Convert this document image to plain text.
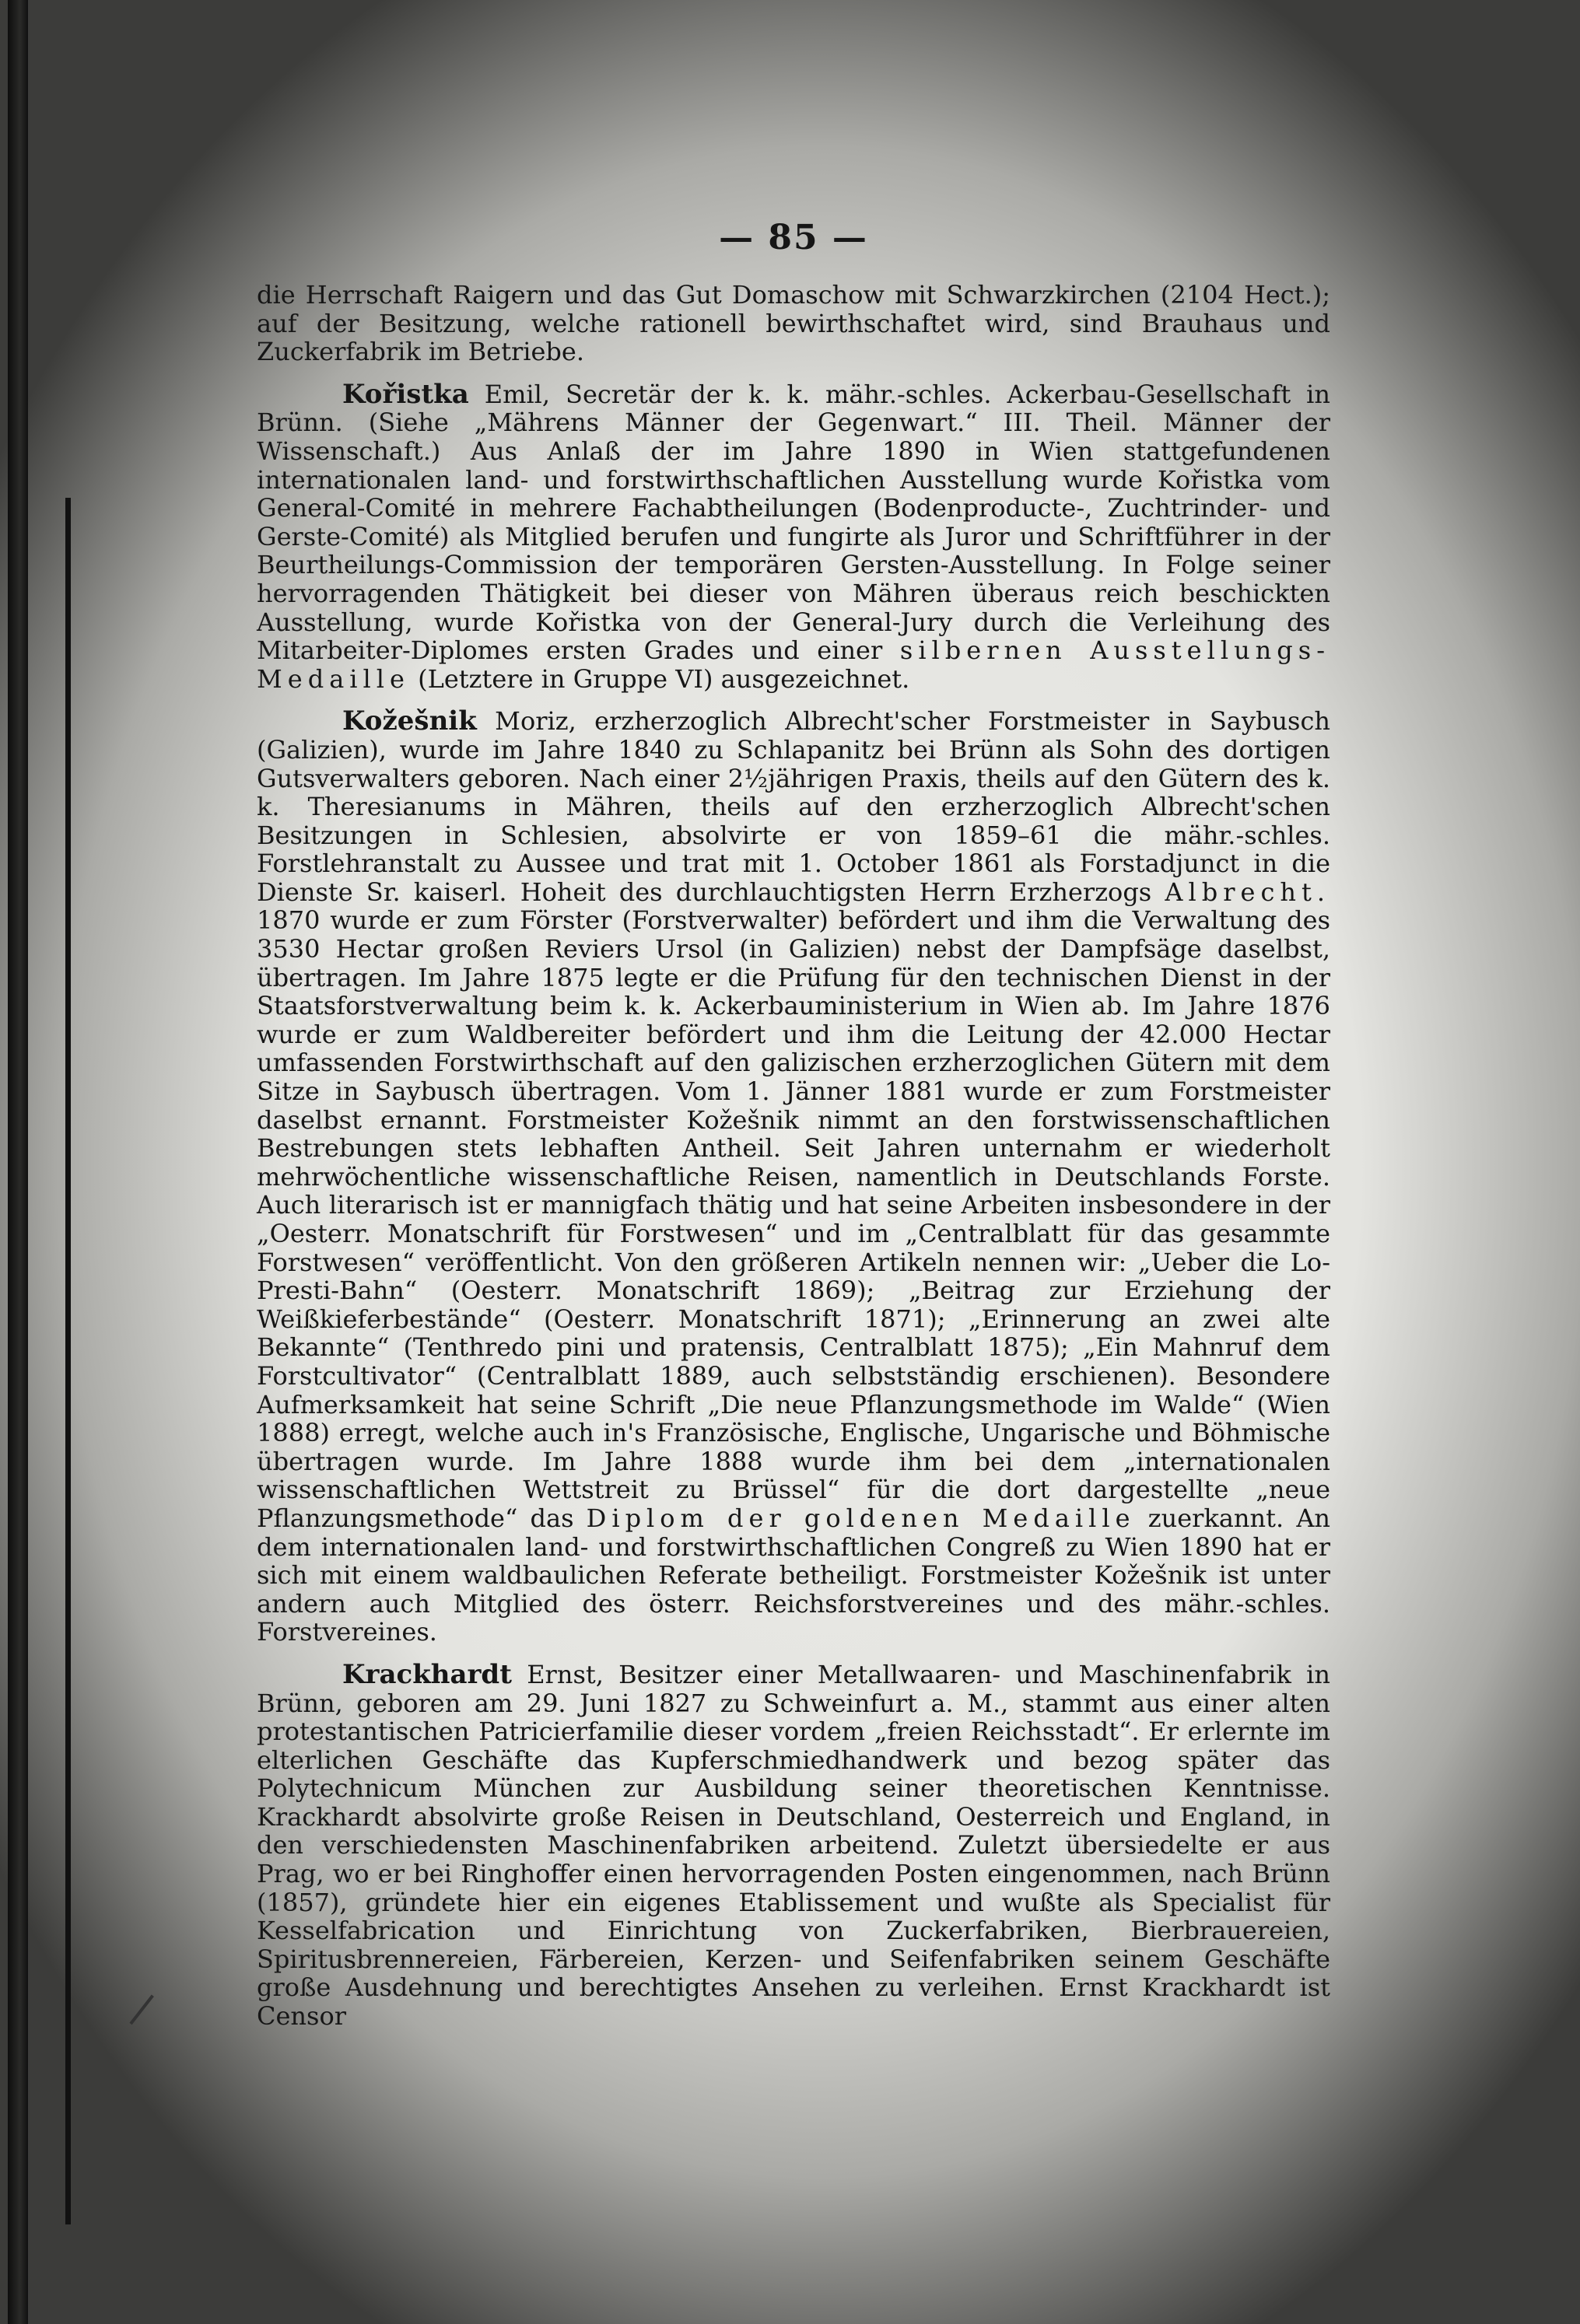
— 85 —

die Herrschaft Raigern und das Gut Domaschow mit Schwarzkirchen (2104 Hect.); auf der Besitzung, welche rationell bewirthschaftet wird, sind Brauhaus und Zuckerfabrik im Betriebe.

Kořistka Emil, Secretär der k. k. mähr.-schles. Ackerbau-Gesellschaft in Brünn. (Siehe „Mährens Männer der Gegenwart.“ III. Theil. Männer der Wissenschaft.) Aus Anlaß der im Jahre 1890 in Wien stattgefundenen internationalen land- und forstwirthschaftlichen Ausstellung wurde Kořistka vom General-Comité in mehrere Fachabtheilungen (Bodenproducte-, Zuchtrinder- und Gerste-Comité) als Mitglied berufen und fungirte als Juror und Schriftführer in der Beurtheilungs-Commission der temporären Gersten-Ausstellung. In Folge seiner hervorragenden Thätigkeit bei dieser von Mähren überaus reich beschickten Ausstellung, wurde Kořistka von der General-Jury durch die Verleihung des Mitarbeiter-Diplomes ersten Grades und einer silbernen Ausstellungs-Medaille (Letztere in Gruppe VI) ausgezeichnet.

Kožešnik Moriz, erzherzoglich Albrecht'scher Forstmeister in Saybusch (Galizien), wurde im Jahre 1840 zu Schlapanitz bei Brünn als Sohn des dortigen Gutsverwalters geboren. Nach einer 2½jährigen Praxis, theils auf den Gütern des k. k. Theresianums in Mähren, theils auf den erzherzoglich Albrecht'schen Besitzungen in Schlesien, absolvirte er von 1859–61 die mähr.-schles. Forstlehranstalt zu Aussee und trat mit 1. October 1861 als Forstadjunct in die Dienste Sr. kaiserl. Hoheit des durchlauchtigsten Herrn Erzherzogs Albrecht. 1870 wurde er zum Förster (Forstverwalter) befördert und ihm die Verwaltung des 3530 Hectar großen Reviers Ursol (in Galizien) nebst der Dampfsäge daselbst, übertragen. Im Jahre 1875 legte er die Prüfung für den technischen Dienst in der Staatsforstverwaltung beim k. k. Ackerbauministerium in Wien ab. Im Jahre 1876 wurde er zum Waldbereiter befördert und ihm die Leitung der 42.000 Hectar umfassenden Forstwirthschaft auf den galizischen erzherzoglichen Gütern mit dem Sitze in Saybusch übertragen. Vom 1. Jänner 1881 wurde er zum Forstmeister daselbst ernannt. Forstmeister Kožešnik nimmt an den forstwissenschaftlichen Bestrebungen stets lebhaften Antheil. Seit Jahren unternahm er wiederholt mehrwöchentliche wissenschaftliche Reisen, namentlich in Deutschlands Forste. Auch literarisch ist er mannigfach thätig und hat seine Arbeiten insbesondere in der „Oesterr. Monatschrift für Forstwesen“ und im „Centralblatt für das gesammte Forstwesen“ veröffentlicht. Von den größeren Artikeln nennen wir: „Ueber die Lo-Presti-Bahn“ (Oesterr. Monatschrift 1869); „Beitrag zur Erziehung der Weißkieferbestände“ (Oesterr. Monatschrift 1871); „Erinnerung an zwei alte Bekannte“ (Tenthredo pini und pratensis, Centralblatt 1875); „Ein Mahnruf dem Forstcultivator“ (Centralblatt 1889, auch selbstständig erschienen). Besondere Aufmerksamkeit hat seine Schrift „Die neue Pflanzungsmethode im Walde“ (Wien 1888) erregt, welche auch in's Französische, Englische, Ungarische und Böhmische übertragen wurde. Im Jahre 1888 wurde ihm bei dem „internationalen wissenschaftlichen Wettstreit zu Brüssel“ für die dort dargestellte „neue Pflanzungsmethode“ das Diplom der goldenen Medaille zuerkannt. An dem internationalen land- und forstwirthschaftlichen Congreß zu Wien 1890 hat er sich mit einem waldbaulichen Referate betheiligt. Forstmeister Kožešnik ist unter andern auch Mitglied des österr. Reichsforstvereines und des mähr.-schles. Forstvereines.

Krackhardt Ernst, Besitzer einer Metallwaaren- und Maschinenfabrik in Brünn, geboren am 29. Juni 1827 zu Schweinfurt a. M., stammt aus einer alten protestantischen Patricierfamilie dieser vordem „freien Reichsstadt“. Er erlernte im elterlichen Geschäfte das Kupferschmiedhandwerk und bezog später das Polytechnicum München zur Ausbildung seiner theoretischen Kenntnisse. Krackhardt absolvirte große Reisen in Deutschland, Oesterreich und England, in den verschiedensten Maschinenfabriken arbeitend. Zuletzt übersiedelte er aus Prag, wo er bei Ringhoffer einen hervorragenden Posten eingenommen, nach Brünn (1857), gründete hier ein eigenes Etablissement und wußte als Specialist für Kesselfabrication und Einrichtung von Zuckerfabriken, Bierbrauereien, Spiritusbrennereien, Färbereien, Kerzen- und Seifenfabriken seinem Geschäfte große Ausdehnung und berechtigtes Ansehen zu verleihen. Ernst Krackhardt ist Censor
